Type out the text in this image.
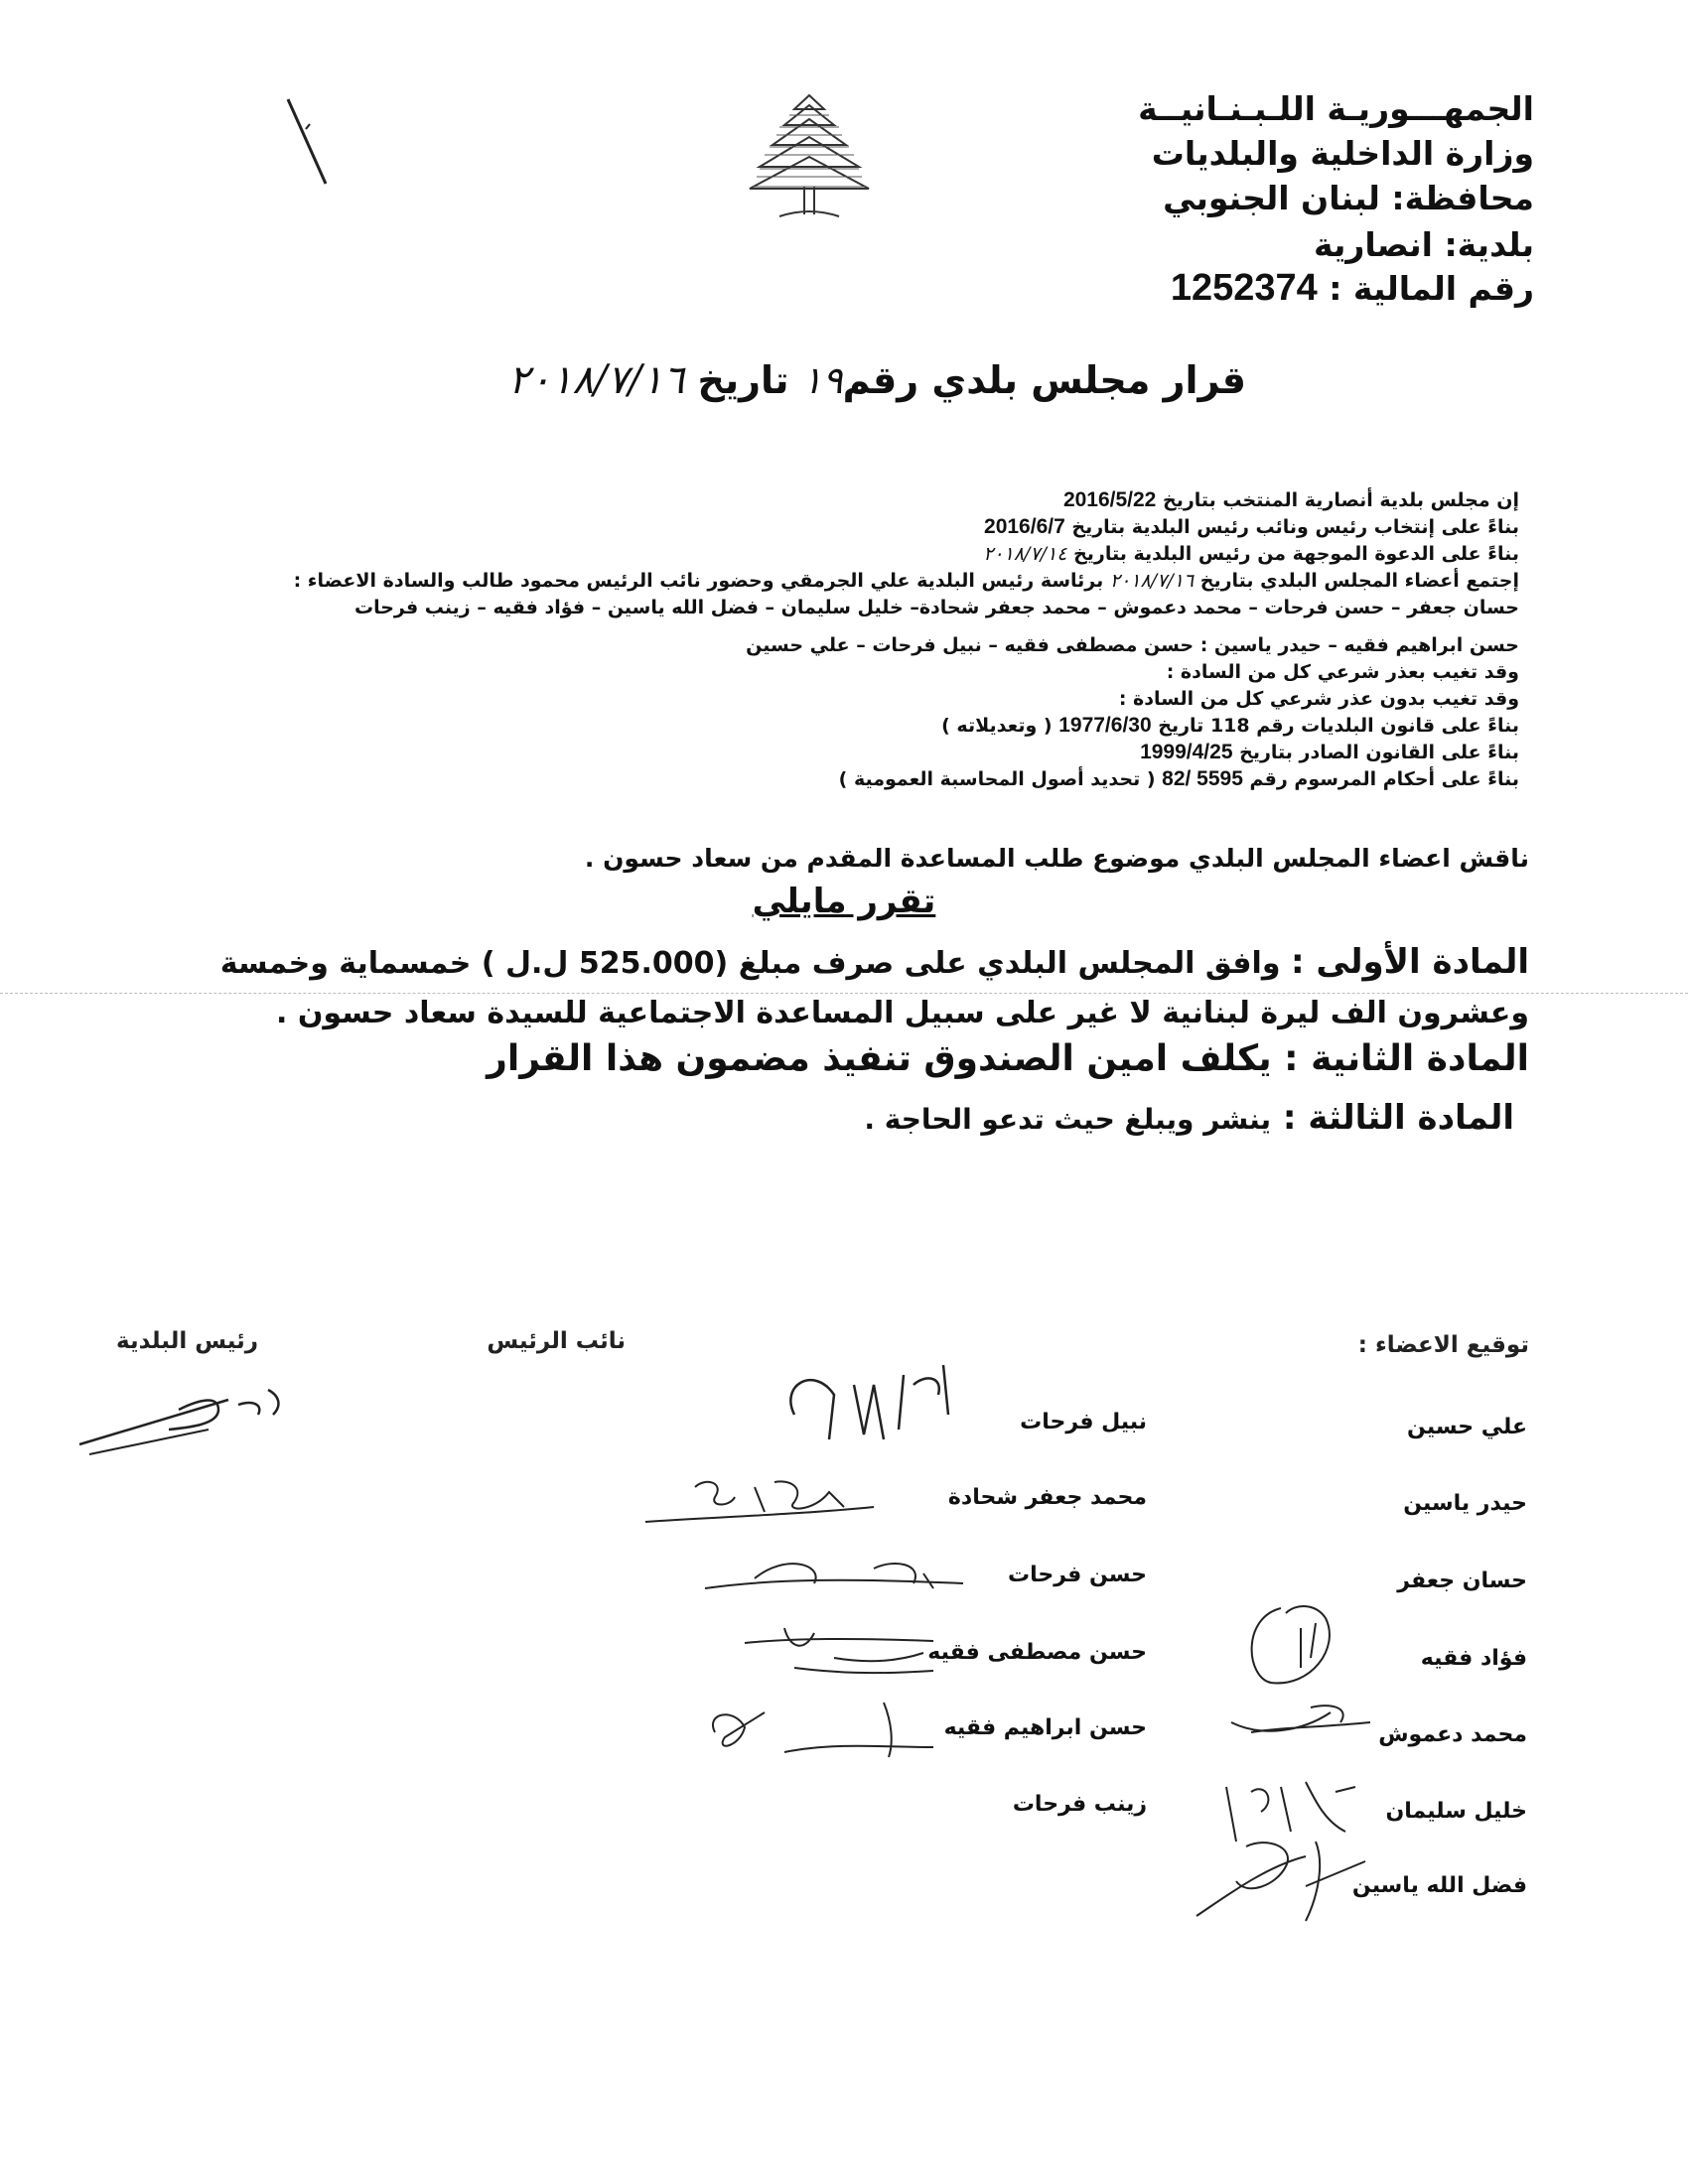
الجمهـــوريـة اللـبـنـانيــة
وزارة الداخلية والبلديات
محافظة: لبنان الجنوبي
بلدية: انصارية
رقم المالية : 1252374
قرار مجلس بلدي رقم١٩ تاريخ ٢٠١٨/٧/١٦
إن مجلس بلدية أنصارية المنتخب بتاريخ 2016/5/22
بناءً على إنتخاب رئيس ونائب رئيس البلدية بتاريخ 2016/6/7
بناءً على الدعوة الموجهة من رئيس البلدية بتاريخ ٢٠١٨/٧/١٤
إجتمع أعضاء المجلس البلدي بتاريخ ٢٠١٨/٧/١٦ برئاسة رئيس البلدية علي الجرمقي وحضور نائب الرئيس محمود طالب والسادة الاعضاء :
حسان جعفر – حسن فرحات – محمد دعموش – محمد جعفر شحادة– خليل سليمان – فضل الله ياسين – فؤاد فقيه – زينب فرحات
حسن ابراهيم فقيه – حيدر ياسين : حسن مصطفى فقيه – نبيل فرحات – علي حسين
وقد تغيب بعذر شرعي كل من السادة :
وقد تغيب بدون عذر شرعي كل من السادة :
بناءً على قانون البلديات رقم 118 تاريخ 1977/6/30 ( وتعديلاته )
بناءً على القانون الصادر بتاريخ 1999/4/25
بناءً على أحكام المرسوم رقم 5595 /82 ( تحديد أصول المحاسبة العمومية )
ناقش اعضاء المجلس البلدي موضوع طلب المساعدة المقدم من سعاد حسون .
تقرر مايلي
المادة الأولى : وافق المجلس البلدي على صرف مبلغ (525.000 ل.ل ) خمسماية وخمسة وعشرون الف ليرة لبنانية لا غير على سبيل المساعدة الاجتماعية للسيدة سعاد حسون .
المادة الثانية : يكلف امين الصندوق تنفيذ مضمون هذا القرار
المادة الثالثة : ينشر ويبلغ حيث تدعو الحاجة .
رئيس البلدية	نائب الرئيس	توقيع الاعضاء :
علي حسين
حيدر ياسين
حسان جعفر
فؤاد فقيه
محمد دعموش
خليل سليمان
فضل الله ياسين
نبيل فرحات
محمد جعفر شحادة
حسن فرحات
حسن مصطفى فقيه
حسن ابراهيم فقيه
زينب فرحات
